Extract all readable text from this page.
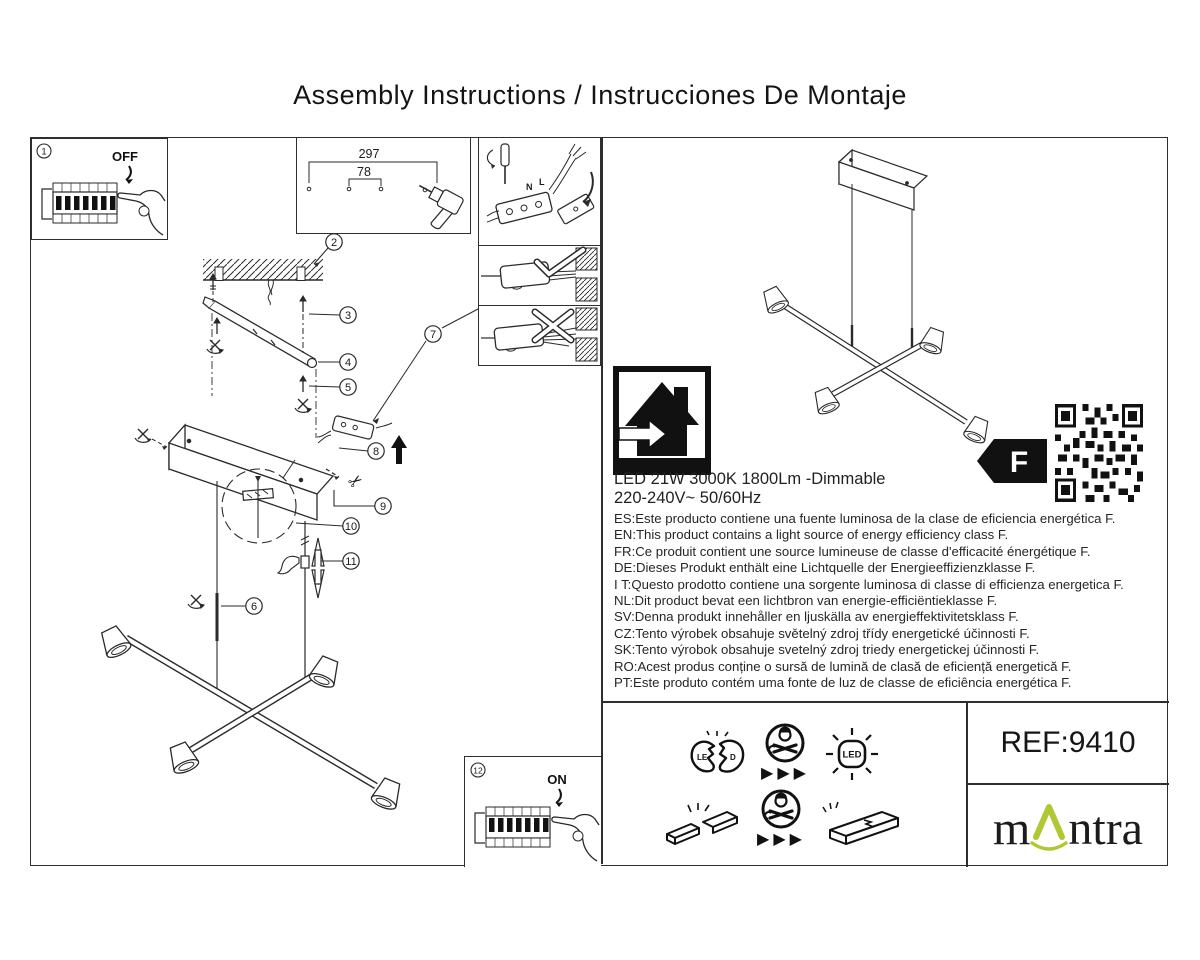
Assembly Instructions / Instrucciones De Montaje
2
3
4
5
7
8
✂
9
10
11
6
1	OFF	297
78
N L
12
ON
F
LED 21W 3000K 1800Lm -Dimmable
220-240V~ 50/60Hz
ES:Este producto contiene una fuente luminosa de la clase de eficiencia energética F.
EN:This product contains a light source of energy efficiency class F.
FR:Ce produit contient une source lumineuse de classe d'efficacité énergétique F.
DE:Dieses Produkt enthält eine Lichtquelle der Energieeffizienzklasse F.
I T:Questo prodotto contiene una sorgente luminosa di classe di efficienza energetica F.
NL:Dit product bevat een lichtbron van energie-efficiëntieklasse F.
SV:Denna produkt innehåller en ljuskälla av energieffektivitetsklass F.
CZ:Tento výrobek obsahuje světelný zdroj třídy energetické účinnosti F.
SK:Tento výrobok obsahuje svetelný zdroj triedy energetickej účinnosti F.
RO:Acest produs conține o sursă de lumină de clasă de eficiență energetică F.
PT:Este produto contém uma fonte de luz de classe de eficiência energética F.
LE	D
▶▶▶
LED
▶▶▶
REF:9410
m ntra
